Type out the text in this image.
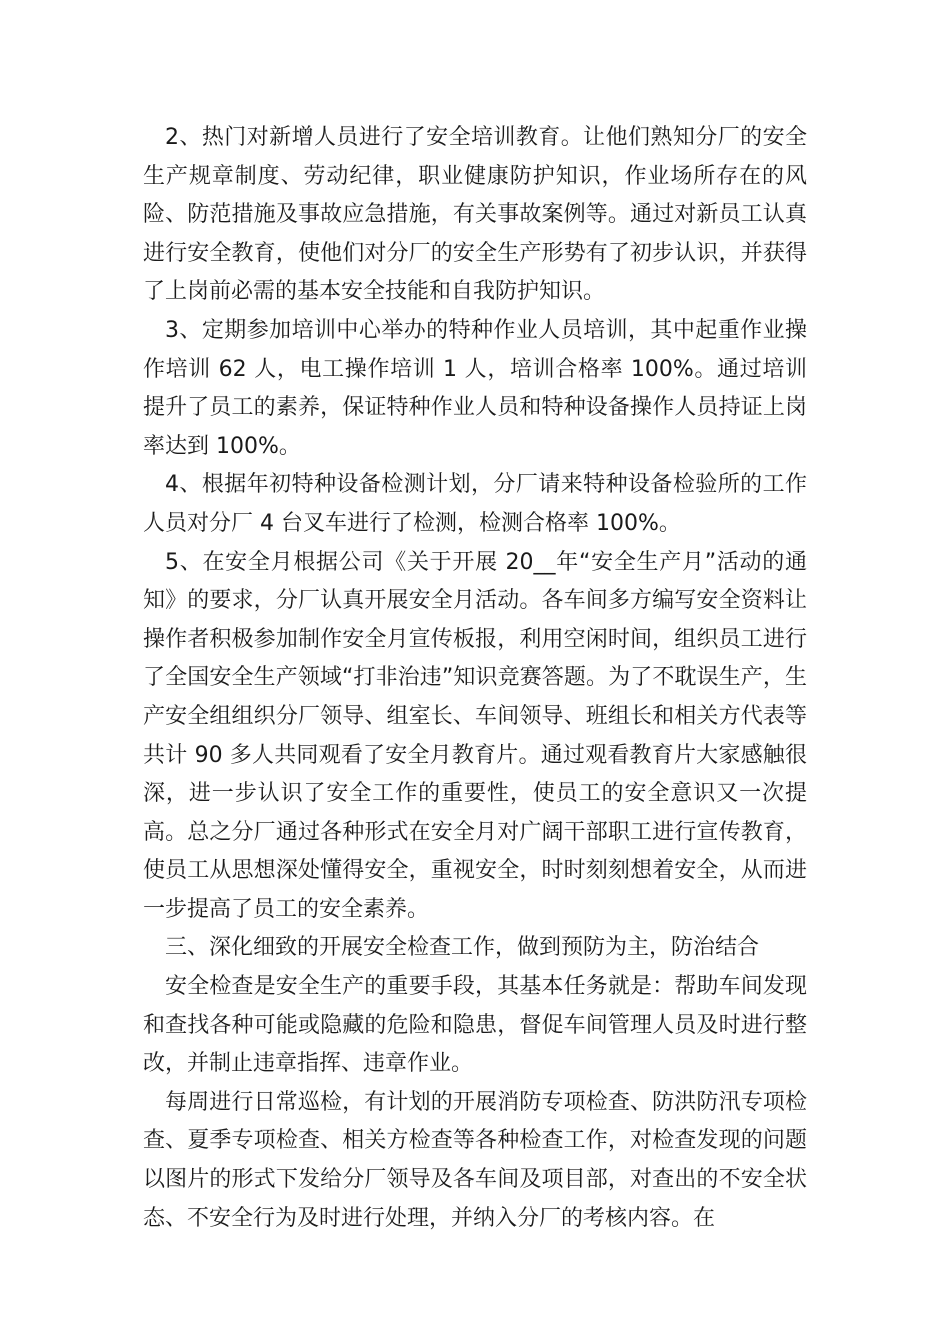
2、热门对新增人员进行了安全培训教育。让他们熟知分厂的安全生产规章制度、劳动纪律，职业健康防护知识，作业场所存在的风险、防范措施及事故应急措施，有关事故案例等。通过对新员工认真进行安全教育，使他们对分厂的安全生产形势有了初步认识，并获得了上岗前必需的基本安全技能和自我防护知识。

3、定期参加培训中心举办的特种作业人员培训，其中起重作业操作培训 62 人，电工操作培训 1 人，培训合格率 100%。通过培训提升了员工的素养，保证特种作业人员和特种设备操作人员持证上岗率达到 100%。

4、根据年初特种设备检测计划，分厂请来特种设备检验所的工作人员对分厂 4 台叉车进行了检测，检测合格率 100%。

5、在安全月根据公司《关于开展 20__年“安全生产月”活动的通知》的要求，分厂认真开展安全月活动。各车间多方编写安全资料让操作者积极参加制作安全月宣传板报，利用空闲时间，组织员工进行了全国安全生产领域“打非治违”知识竞赛答题。为了不耽误生产，生产安全组组织分厂领导、组室长、车间领导、班组长和相关方代表等共计 90 多人共同观看了安全月教育片。通过观看教育片大家感触很深，进一步认识了安全工作的重要性，使员工的安全意识又一次提高。总之分厂通过各种形式在安全月对广阔干部职工进行宣传教育，使员工从思想深处懂得安全，重视安全，时时刻刻想着安全，从而进一步提高了员工的安全素养。

三、深化细致的开展安全检查工作，做到预防为主，防治结合

安全检查是安全生产的重要手段，其基本任务就是：帮助车间发现和查找各种可能或隐藏的危险和隐患，督促车间管理人员及时进行整改，并制止违章指挥、违章作业。

每周进行日常巡检，有计划的开展消防专项检查、防洪防汛专项检查、夏季专项检查、相关方检查等各种检查工作，对检查发现的问题以图片的形式下发给分厂领导及各车间及项目部，对查出的不安全状态、不安全行为及时进行处理，并纳入分厂的考核内容。在
